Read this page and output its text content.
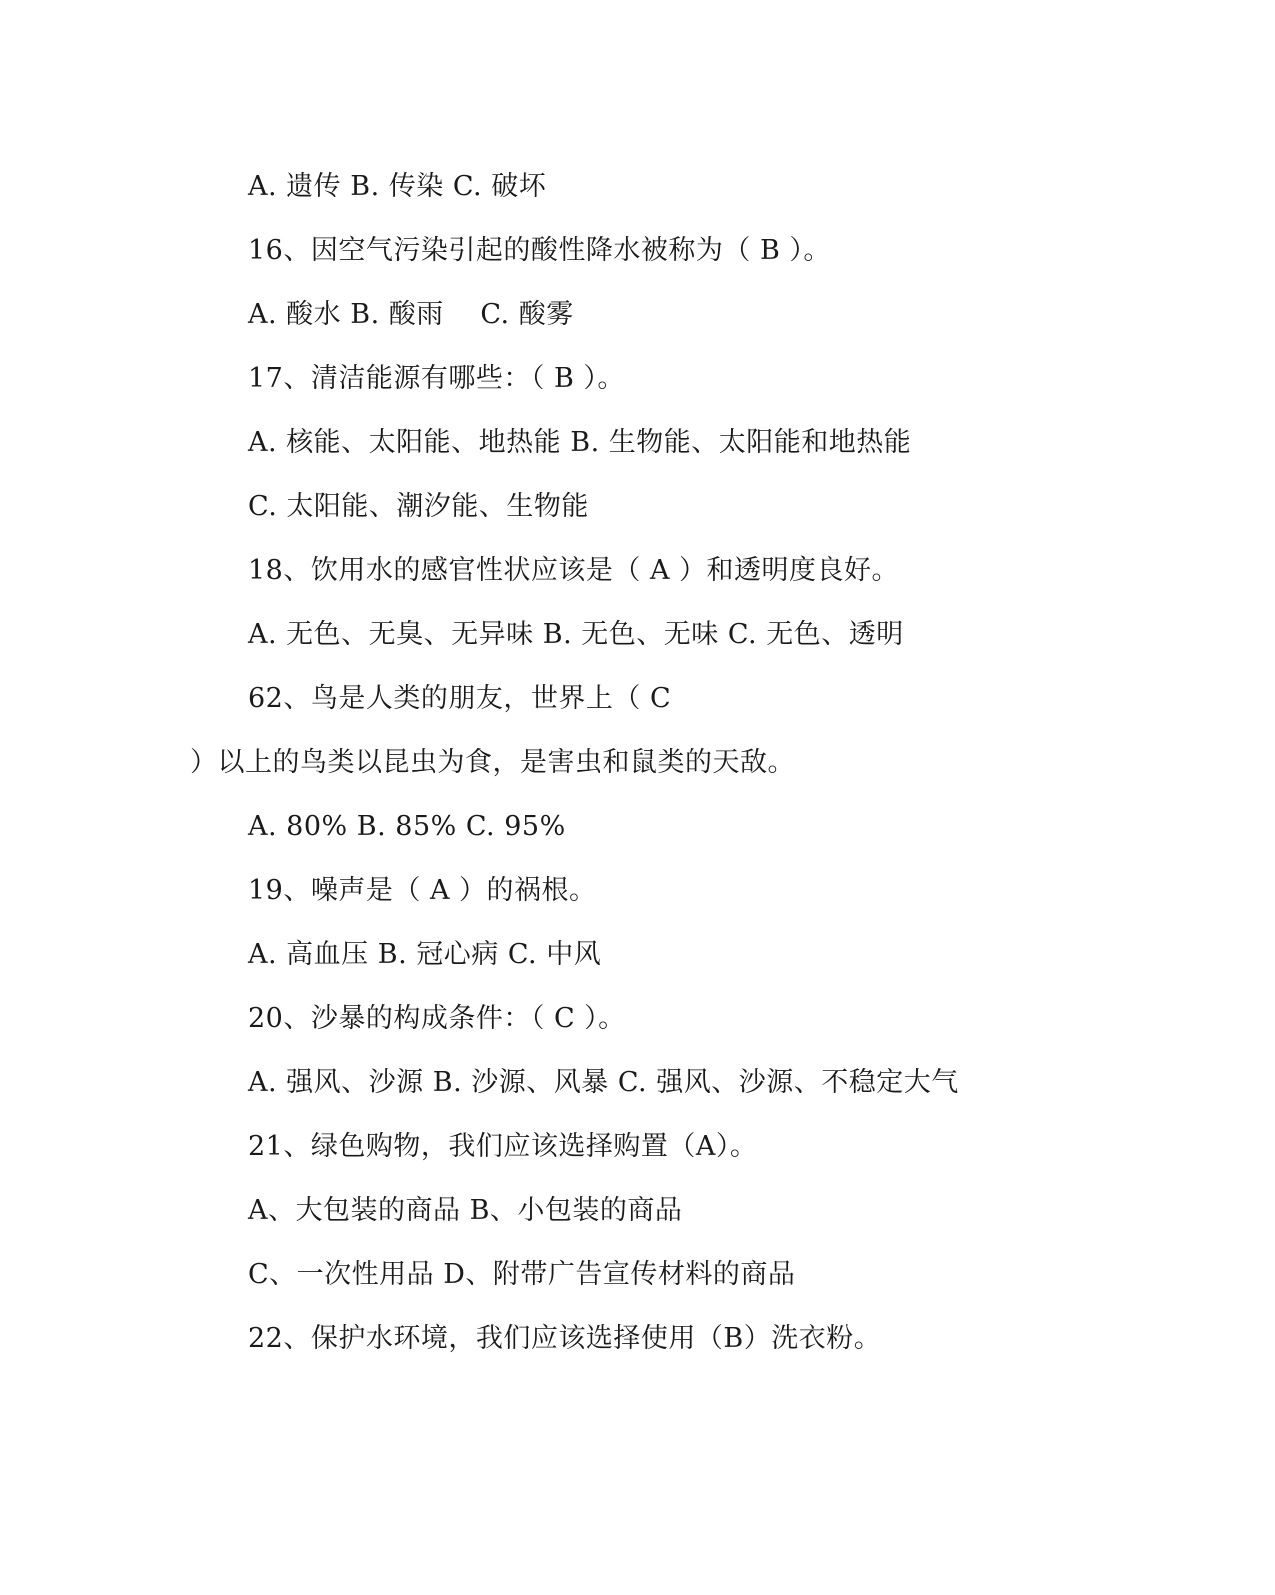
A. 遗传 B. 传染 C. 破坏
16、因空气污染引起的酸性降水被称为（ B ）。
A. 酸水 B. 酸雨　 C. 酸雾
17、清洁能源有哪些：（ B ）。
A. 核能、太阳能、地热能 B. 生物能、太阳能和地热能
C. 太阳能、潮汐能、生物能
18、饮用水的感官性状应该是（ A ）和透明度良好。
A. 无色、无臭、无异味 B. 无色、无味 C. 无色、透明
62、鸟是人类的朋友，世界上（ C
）以上的鸟类以昆虫为食，是害虫和鼠类的天敌。
A. 80% B. 85% C. 95%
19、噪声是（ A ）的祸根。
A. 高血压 B. 冠心病 C. 中风
20、沙暴的构成条件：（ C ）。
A. 强风、沙源 B. 沙源、风暴 C. 强风、沙源、不稳定大气
21、绿色购物，我们应该选择购置（A）。
A、大包装的商品 B、小包装的商品
C、一次性用品 D、附带广告宣传材料的商品
22、保护水环境，我们应该选择使用（B）洗衣粉。
